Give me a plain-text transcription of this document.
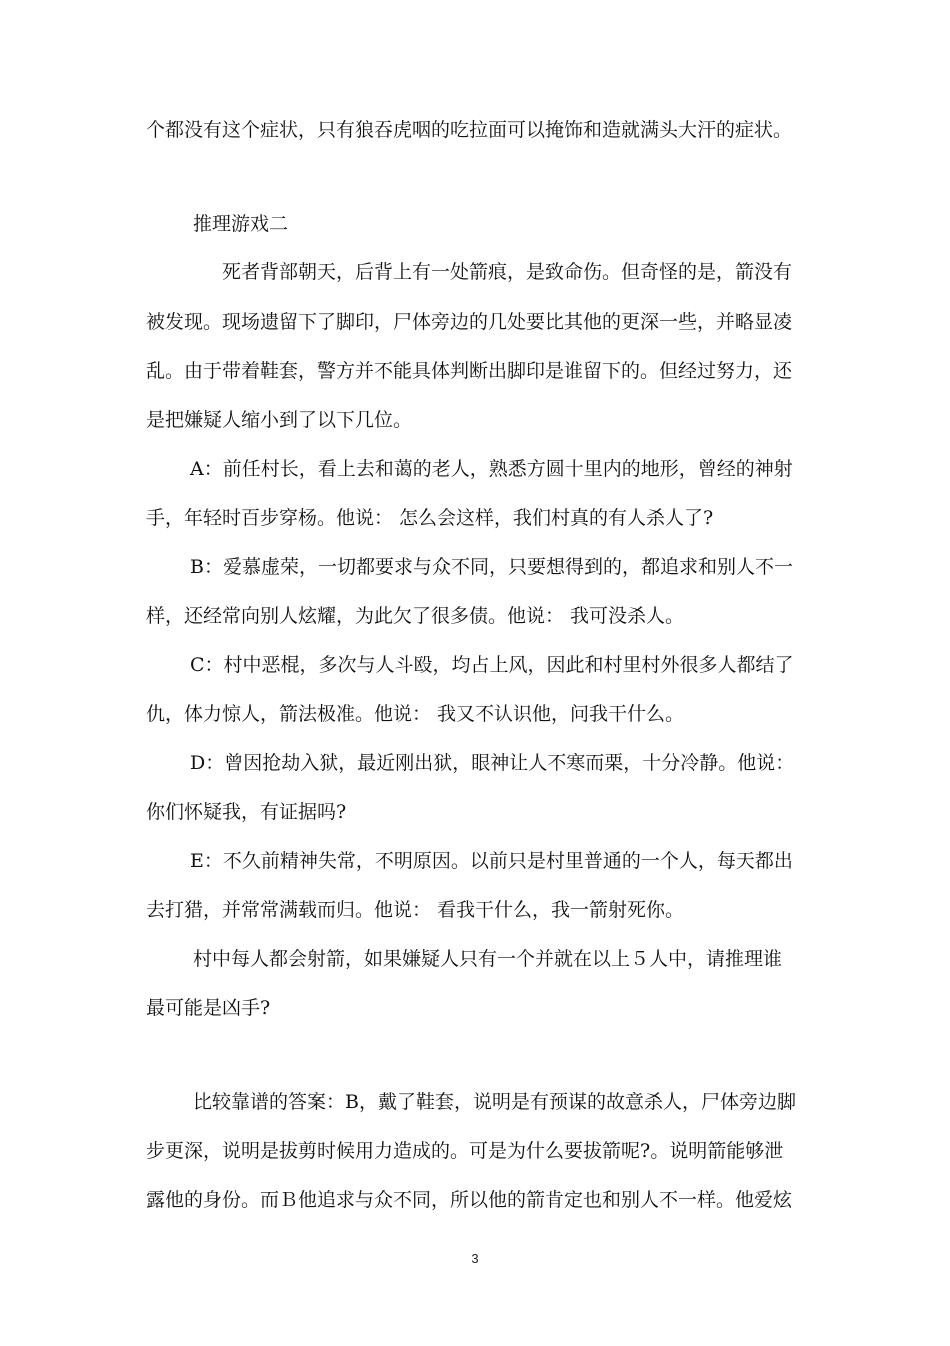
个都没有这个症状，只有狼吞虎咽的吃拉面可以掩饰和造就满头大汗的症状。
推理游戏二
死者背部朝天，后背上有一处箭痕，是致命伤。但奇怪的是，箭没有
被发现。现场遗留下了脚印，尸体旁边的几处要比其他的更深一些，并略显凌
乱。由于带着鞋套，警方并不能具体判断出脚印是谁留下的。但经过努力，还
是把嫌疑人缩小到了以下几位。
A：前任村长，看上去和蔼的老人，熟悉方圆十里内的地形，曾经的神射
手，年轻时百步穿杨。他说： 怎么会这样，我们村真的有人杀人了?
B：爱慕虚荣，一切都要求与众不同，只要想得到的，都追求和别人不一
样，还经常向别人炫耀，为此欠了很多债。他说： 我可没杀人。
C：村中恶棍，多次与人斗殴，均占上风，因此和村里村外很多人都结了
仇，体力惊人，箭法极准。他说： 我又不认识他，问我干什么。
D：曾因抢劫入狱，最近刚出狱，眼神让人不寒而栗，十分冷静。他说：
你们怀疑我，有证据吗?
E：不久前精神失常，不明原因。以前只是村里普通的一个人，每天都出
去打猎，并常常满载而归。他说： 看我干什么，我一箭射死你。
村中每人都会射箭，如果嫌疑人只有一个并就在以上５人中，请推理谁
最可能是凶手?
比较靠谱的答案：B，戴了鞋套，说明是有预谋的故意杀人，尸体旁边脚
步更深，说明是拔剪时候用力造成的。可是为什么要拔箭呢?。说明箭能够泄
露他的身份。而Ｂ他追求与众不同，所以他的箭肯定也和别人不一样。他爱炫
3
